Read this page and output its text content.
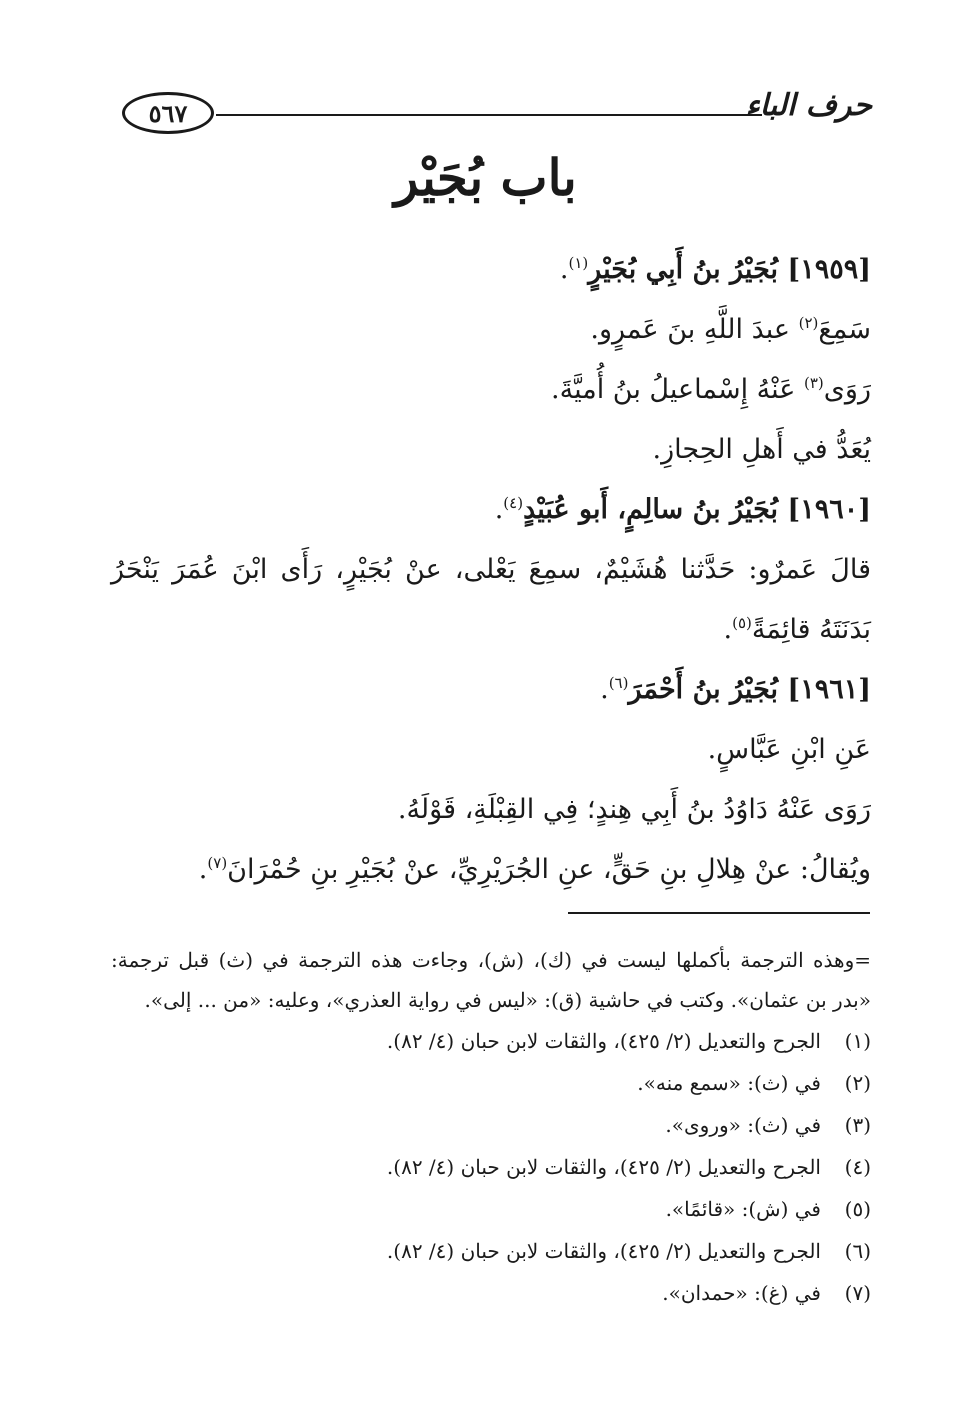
٥٦٧	حرف الباء
باب بُجَيْر
[١٩٥٩] بُجَيْرُ بنُ أَبِي بُجَيْرٍ$^{(١)}$.
سَمِعَ$^{(٢)}$ عبدَ اللَّهِ بنَ عَمرٍو.
رَوَى$^{(٣)}$ عَنْهُ إِسْماعيلُ بنُ أُميَّةَ.
يُعَدُّ في أَهلِ الحِجازِ.
[١٩٦٠] بُجَيْرُ بنُ سالِمٍ، أَبو عُبَيْدٍ$^{(٤)}$.
قالَ عَمرٌو: حَدَّثنا هُشَيْمٌ، سمِعَ يَعْلى، عنْ بُجَيْرٍ، رَأَى ابْنَ عُمَرَ يَنْحَرُ بَدَنَتَهُ قائِمَةً$^{(٥)}$.
[١٩٦١] بُجَيْرُ بنُ أَحْمَرَ$^{(٦)}$.
عَنِ ابْنِ عَبَّاسٍ.
رَوَى عَنْهُ دَاوُدُ بنُ أَبِي هِندٍ؛ فِي القِبْلَةِ، قَوْلَهُ.
ويُقالُ: عنْ هِلالِ بنِ حَقٍّ، عنِ الجُرَيْرِيِّ، عنْ بُجَيْرِ بنِ حُمْرَانَ$^{(٧)}$.
=وهذه الترجمة بأكملها ليست في (ك)، (ش)، وجاءت هذه الترجمة في (ث) قبل ترجمة: «بدر بن عثمان». وكتب في حاشية (ق): «ليس في رواية العذري»، وعليه: «من ... إلى».
(١)
الجرح والتعديل (٢/ ٤٢٥)، والثقات لابن حبان (٤/ ٨٢).
(٢)
في (ث): «سمع منه».
(٣)
في (ث): «وروى».
(٤)
الجرح والتعديل (٢/ ٤٢٥)، والثقات لابن حبان (٤/ ٨٢).
(٥)
في (ش): «قائمًا».
(٦)
الجرح والتعديل (٢/ ٤٢٥)، والثقات لابن حبان (٤/ ٨٢).
(٧)
في (غ): «حمدان».
